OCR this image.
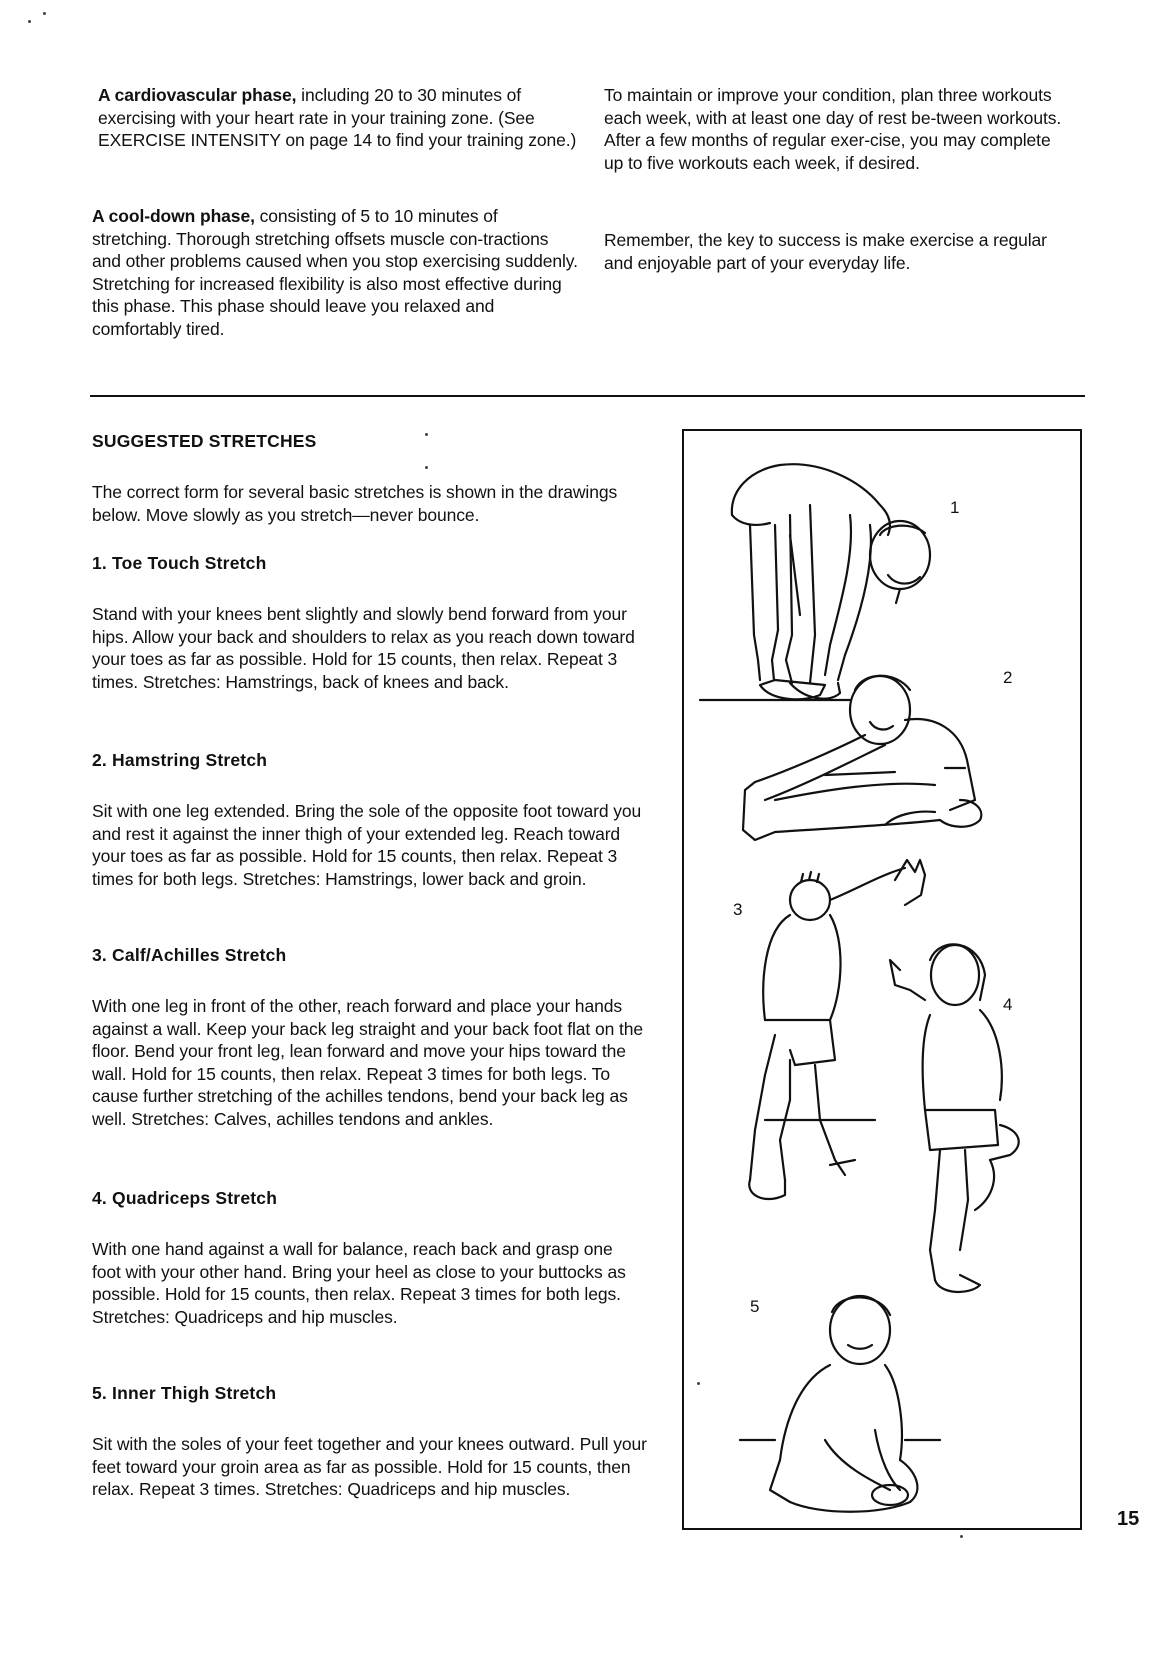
A cardiovascular phase, including 20 to 30 minutes of exercising with your heart rate in your training zone. (See EXERCISE INTENSITY on page 14 to find your training zone.)

A cool-down phase, consisting of 5 to 10 minutes of stretching. Thorough stretching offsets muscle con-tractions and other problems caused when you stop exercising suddenly. Stretching for increased flexibility is also most effective during this phase. This phase should leave you relaxed and comfortably tired.

To maintain or improve your condition, plan three workouts each week, with at least one day of rest be-tween workouts. After a few months of regular exer-cise, you may complete up to five workouts each week, if desired.

Remember, the key to success is make exercise a regular and enjoyable part of your everyday life.

SUGGESTED STRETCHES

The correct form for several basic stretches is shown in the drawings below. Move slowly as you stretch—never bounce.

1. Toe Touch Stretch

Stand with your knees bent slightly and slowly bend forward from your hips. Allow your back and shoulders to relax as you reach down toward your toes as far as possible. Hold for 15 counts, then relax. Repeat 3 times. Stretches: Hamstrings, back of knees and back.

2. Hamstring Stretch

Sit with one leg extended. Bring the sole of the opposite foot toward you and rest it against the inner thigh of your extended leg. Reach toward your toes as far as possible. Hold for 15 counts, then relax. Repeat 3 times for both legs. Stretches: Hamstrings, lower back and groin.

3. Calf/Achilles Stretch

With one leg in front of the other, reach forward and place your hands against a wall. Keep your back leg straight and your back foot flat on the floor. Bend your front leg, lean forward and move your hips toward the wall. Hold for 15 counts, then relax. Repeat 3 times for both legs. To cause further stretching of the achilles tendons, bend your back leg as well. Stretches: Calves, achilles tendons and ankles.

4. Quadriceps Stretch

With one hand against a wall for balance, reach back and grasp one foot with your other hand. Bring your heel as close to your buttocks as possible. Hold for 15 counts, then relax. Repeat 3 times for both legs. Stretches: Quadriceps and hip muscles.

5. Inner Thigh Stretch

Sit with the soles of your feet together and your knees outward. Pull your feet toward your groin area as far as possible. Hold for 15 counts, then relax. Repeat 3 times. Stretches: Quadriceps and hip muscles.

1
2
3
4
5
15
